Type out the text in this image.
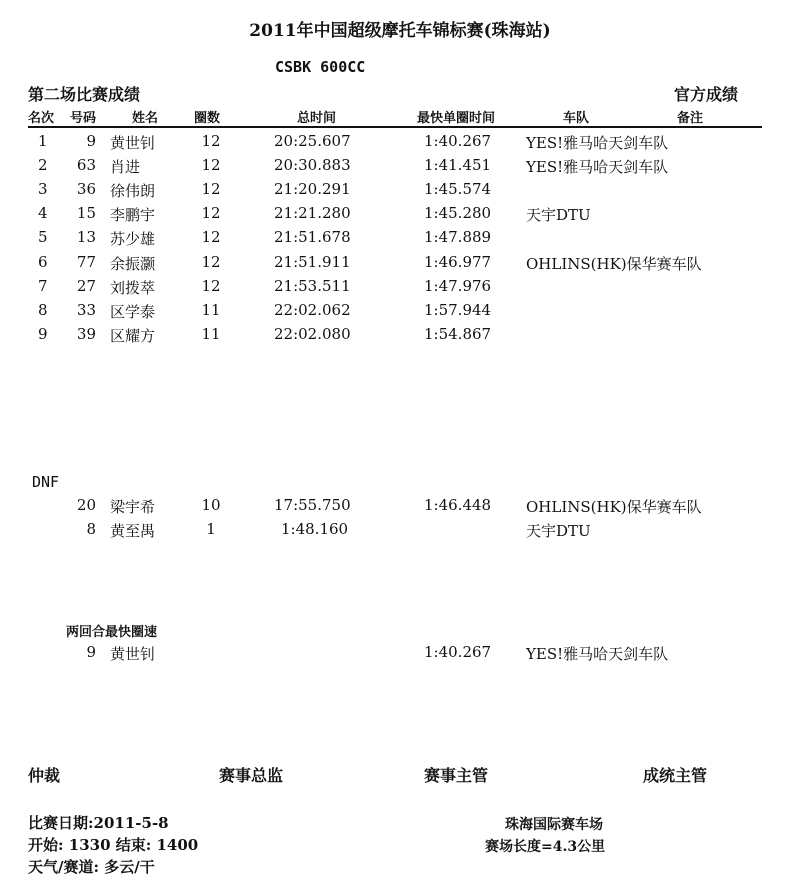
2011年中国超级摩托车锦标赛(珠海站)
CSBK 600CC
第二场比赛成绩	官方成绩
名次 号码	姓名	圈数	总时间	最快单圈时间	车队	备注
1	9 黄世钊	12	20:25.607	1:40.267 YES!雅马哈天剑车队
2	63 肖进	12	20:30.883	1:41.451 YES!雅马哈天剑车队
3	36 徐伟朗	12	21:20.291	1:45.574
4	15 李鹏宇	12	21:21.280	1:45.280 天宇DTU
5	13 苏少雄	12	21:51.678	1:47.889
6	77 余振灏	12	21:51.911	1:46.977 OHLINS(HK)保华赛车队
7	27 刘拨萃	12	21:53.511	1:47.976
8	33 区学泰	11	22:02.062	1:57.944
9	39 区耀方	11	22:02.080	1:54.867
DNF
20 梁宇希	10	17:55.750	1:46.448 OHLINS(HK)保华赛车队
8 黄至禺	1	1:48.160	天宇DTU
两回合最快圈速
9 黄世钊	1:40.267 YES!雅马哈天剑车队
仲裁	赛事总监	赛事主管	成统主管
比赛日期:2011-5-8
开始: 1330 结束: 1400
天气/赛道: 多云/干
珠海国际赛车场
赛场长度=4.3公里
